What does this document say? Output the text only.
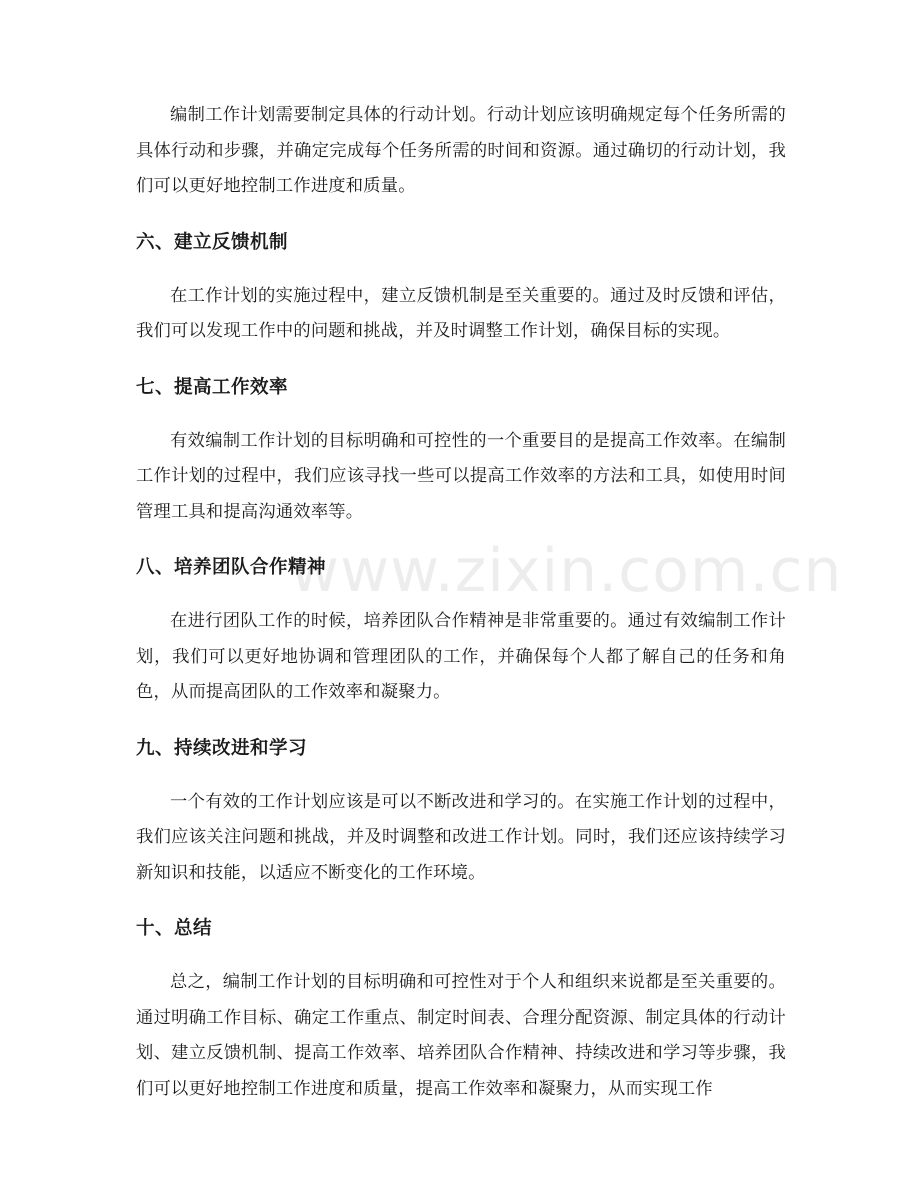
www.zixin.com.cn

编制工作计划需要制定具体的行动计划。行动计划应该明确规定每个任务所需的具体行动和步骤，并确定完成每个任务所需的时间和资源。通过确切的行动计划，我们可以更好地控制工作进度和质量。

六、建立反馈机制

在工作计划的实施过程中，建立反馈机制是至关重要的。通过及时反馈和评估，我们可以发现工作中的问题和挑战，并及时调整工作计划，确保目标的实现。

七、提高工作效率

有效编制工作计划的目标明确和可控性的一个重要目的是提高工作效率。在编制工作计划的过程中，我们应该寻找一些可以提高工作效率的方法和工具，如使用时间管理工具和提高沟通效率等。

八、培养团队合作精神

在进行团队工作的时候，培养团队合作精神是非常重要的。通过有效编制工作计划，我们可以更好地协调和管理团队的工作，并确保每个人都了解自己的任务和角色，从而提高团队的工作效率和凝聚力。

九、持续改进和学习

一个有效的工作计划应该是可以不断改进和学习的。在实施工作计划的过程中，我们应该关注问题和挑战，并及时调整和改进工作计划。同时，我们还应该持续学习新知识和技能，以适应不断变化的工作环境。

十、总结

总之，编制工作计划的目标明确和可控性对于个人和组织来说都是至关重要的。通过明确工作目标、确定工作重点、制定时间表、合理分配资源、制定具体的行动计划、建立反馈机制、提高工作效率、培养团队合作精神、持续改进和学习等步骤，我们可以更好地控制工作进度和质量，提高工作效率和凝聚力，从而实现工作
